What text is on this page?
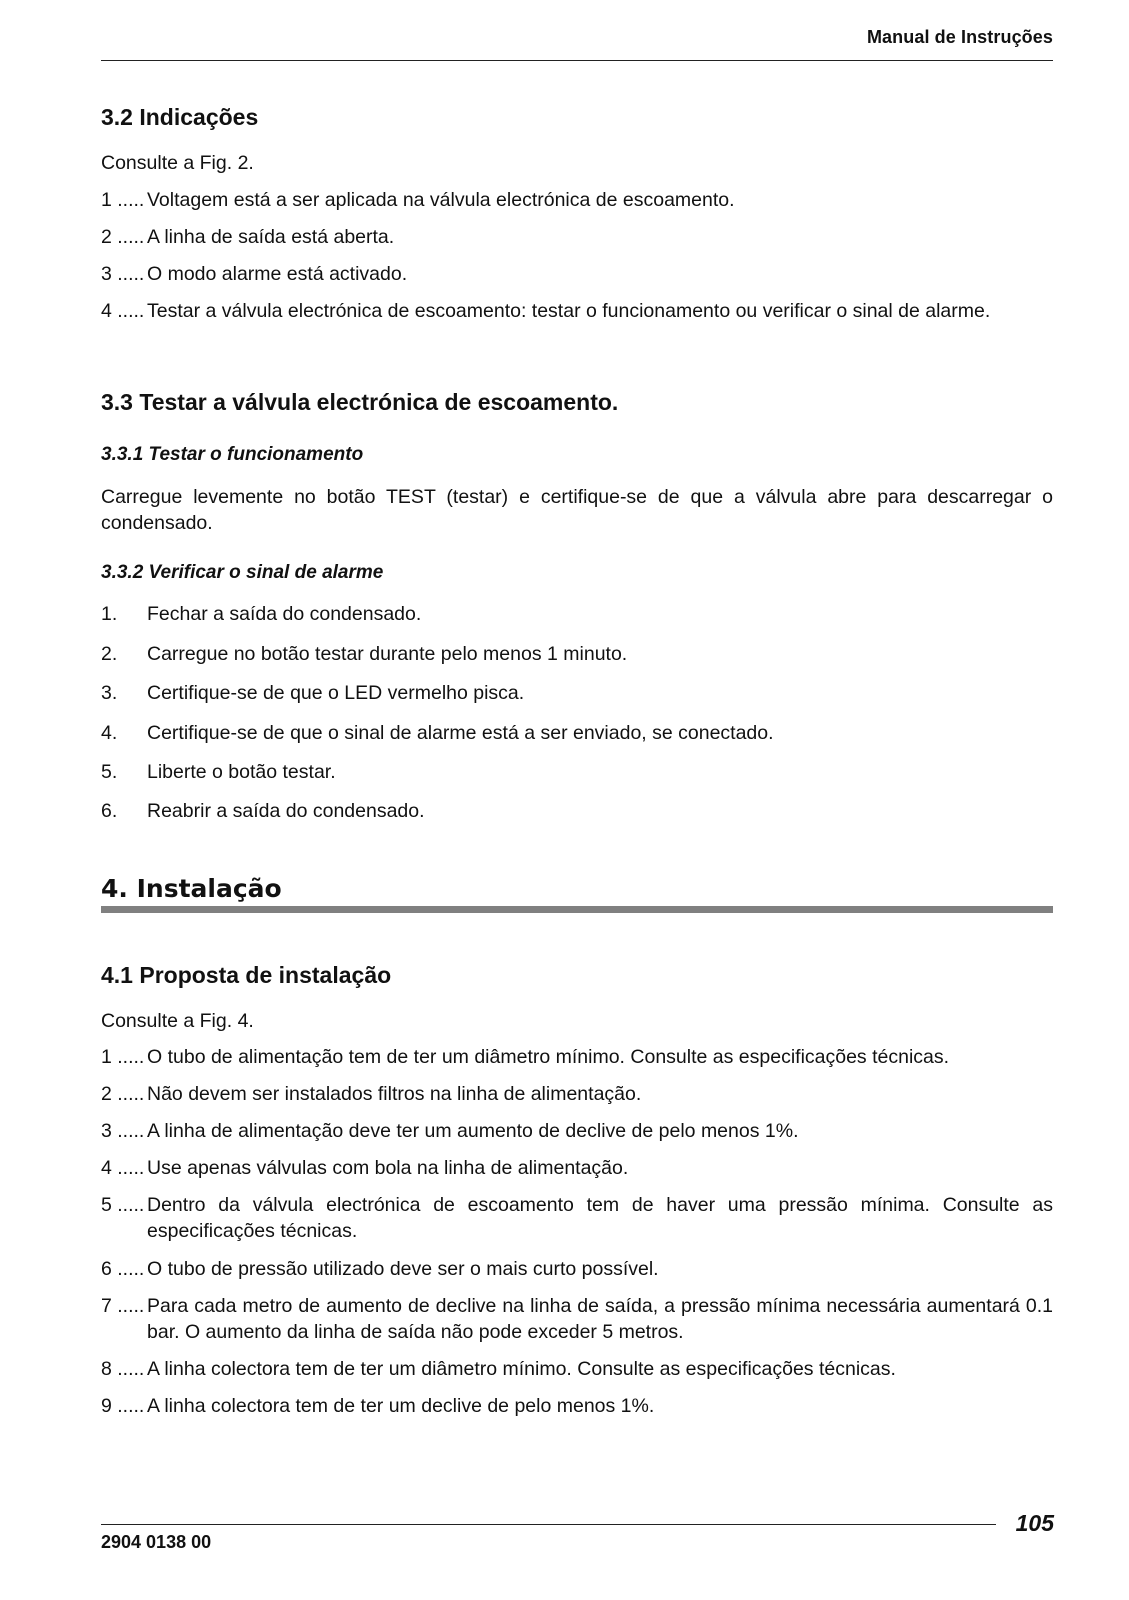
Manual de Instruções
3.2 Indicações
Consulte a Fig. 2.
1 ..... Voltagem está a ser aplicada na válvula electrónica de escoamento.
2 ..... A linha de saída está aberta.
3 ..... O modo alarme está activado.
4 ..... Testar a válvula electrónica de escoamento: testar o funcionamento ou verificar o sinal de alarme.
3.3 Testar a válvula electrónica de escoamento.
3.3.1 Testar o funcionamento
Carregue levemente no botão TEST (testar) e certifique-se de que a válvula abre para descarregar o condensado.
3.3.2 Verificar o sinal de alarme
1.	Fechar a saída do condensado.
2.	Carregue no botão testar durante pelo menos 1 minuto.
3.	Certifique-se de que o LED vermelho pisca.
4.	Certifique-se de que o sinal de alarme está a ser enviado, se conectado.
5.	Liberte o botão testar.
6.	Reabrir a saída do condensado.
4. Instalação
4.1 Proposta de instalação
Consulte a Fig. 4.
1 ..... O tubo de alimentação tem de ter um diâmetro mínimo. Consulte as especificações técnicas.
2 ..... Não devem ser instalados filtros na linha de alimentação.
3 ..... A linha de alimentação deve ter um aumento de declive de pelo menos 1%.
4 ..... Use apenas válvulas com bola na linha de alimentação.
5 ..... Dentro da válvula electrónica de escoamento tem de haver uma pressão mínima. Consulte as especificações técnicas.
6 ..... O tubo de pressão utilizado deve ser o mais curto possível.
7 ..... Para cada metro de aumento de declive na linha de saída, a pressão mínima necessária aumentará 0.1 bar. O aumento da linha de saída não pode exceder 5 metros.
8 ..... A linha colectora tem de ter um diâmetro mínimo. Consulte as especificações técnicas.
9 ..... A linha colectora tem de ter um declive de pelo menos 1%.
2904 0138 00
105
